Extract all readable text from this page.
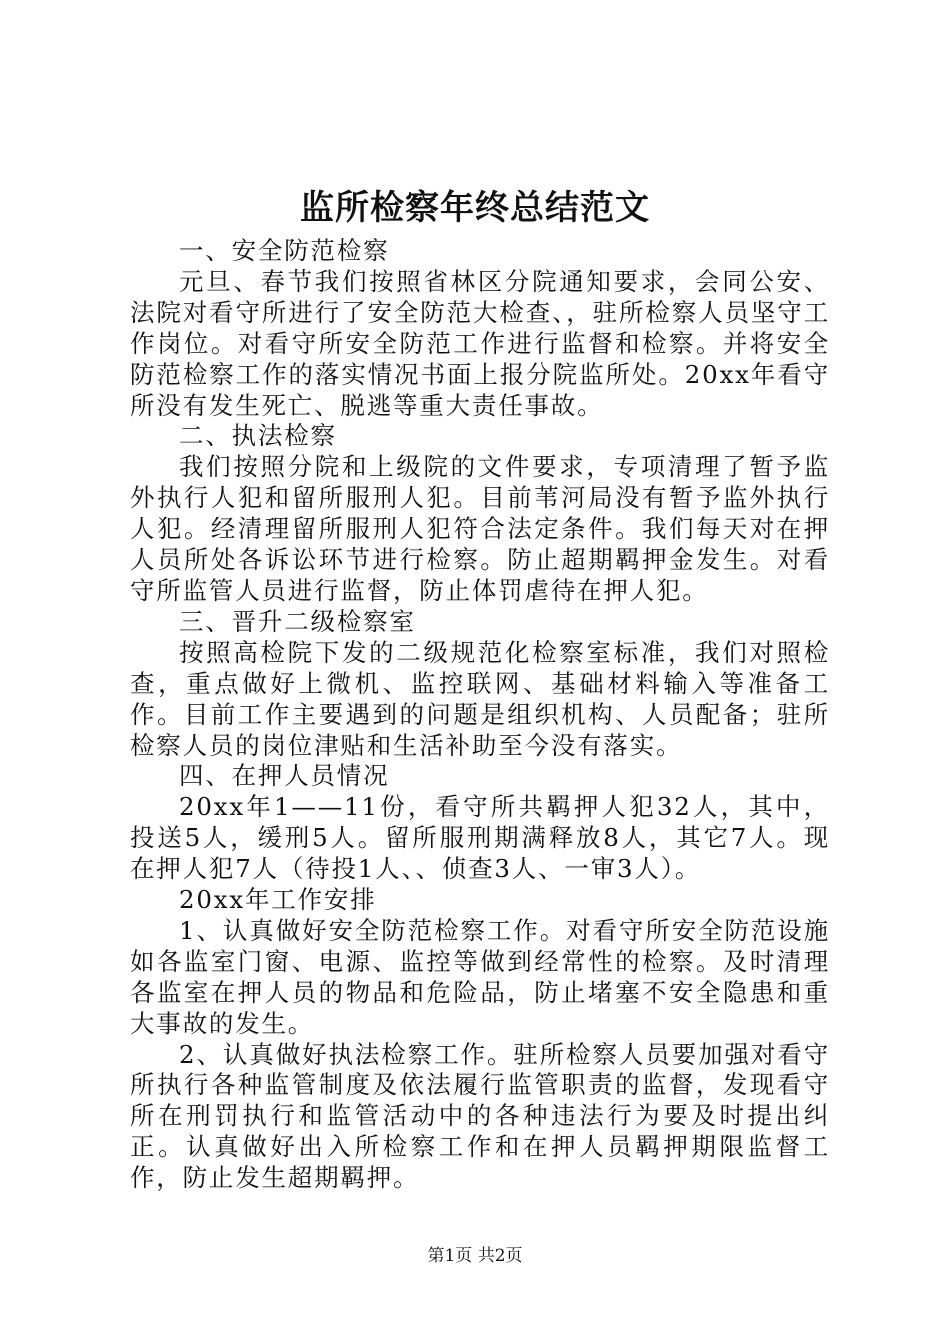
监所检察年终总结范文

一、安全防范检察

元旦、春节我们按照省林区分院通知要求，会同公安、法院对看守所进行了安全防范大检查、，驻所检察人员坚守工作岗位。对看守所安全防范工作进行监督和检察。并将安全防范检察工作的落实情况书面上报分院监所处。20xx年看守所没有发生死亡、脱逃等重大责任事故。

二、执法检察

我们按照分院和上级院的文件要求，专项清理了暂予监外执行人犯和留所服刑人犯。目前苇河局没有暂予监外执行人犯。经清理留所服刑人犯符合法定条件。我们每天对在押人员所处各诉讼环节进行检察。防止超期羁押金发生。对看守所监管人员进行监督，防止体罚虐待在押人犯。

三、晋升二级检察室

按照高检院下发的二级规范化检察室标准，我们对照检查，重点做好上微机、监控联网、基础材料输入等准备工作。目前工作主要遇到的问题是组织机构、人员配备；驻所检察人员的岗位津贴和生活补助至今没有落实。

四、在押人员情况

20xx年1——11份，看守所共羁押人犯32人，其中，投送5人，缓刑5人。留所服刑期满释放8人，其它7人。现在押人犯7人（待投1人、、侦查3人、一审3人）。

20xx年工作安排

1、认真做好安全防范检察工作。对看守所安全防范设施如各监室门窗、电源、监控等做到经常性的检察。及时清理各监室在押人员的物品和危险品，防止堵塞不安全隐患和重大事故的发生。

2、认真做好执法检察工作。驻所检察人员要加强对看守所执行各种监管制度及依法履行监管职责的监督，发现看守所在刑罚执行和监管活动中的各种违法行为要及时提出纠正。认真做好出入所检察工作和在押人员羁押期限监督工作，防止发生超期羁押。

第1页 共2页
